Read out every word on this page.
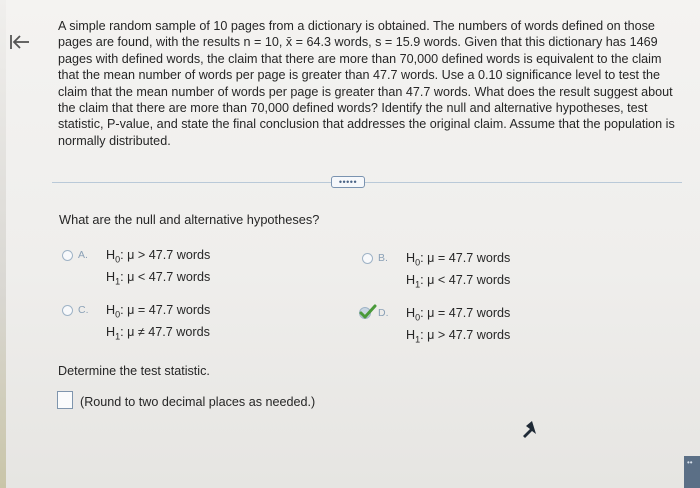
A simple random sample of 10 pages from a dictionary is obtained. The numbers of words defined on those pages are found, with the results n = 10, x̄ = 64.3 words, s = 15.9 words. Given that this dictionary has 1469 pages with defined words, the claim that there are more than 70,000 defined words is equivalent to the claim that the mean number of words per page is greater than 47.7 words. Use a 0.10 significance level to test the claim that the mean number of words per page is greater than 47.7 words. What does the result suggest about the claim that there are more than 70,000 defined words? Identify the null and alternative hypotheses, test statistic, P-value, and state the final conclusion that addresses the original claim. Assume that the population is normally distributed.
•••••
What are the null and alternative hypotheses?
A. $H_0$: μ > 47.7 words
$H_1$: μ < 47.7 words
B. $H_0$: μ = 47.7 words
$H_1$: μ < 47.7 words
C. $H_0$: μ = 47.7 words
$H_1$: μ ≠ 47.7 words
D. $H_0$: μ = 47.7 words
$H_1$: μ > 47.7 words
Determine the test statistic.
(Round to two decimal places as needed.)
••
